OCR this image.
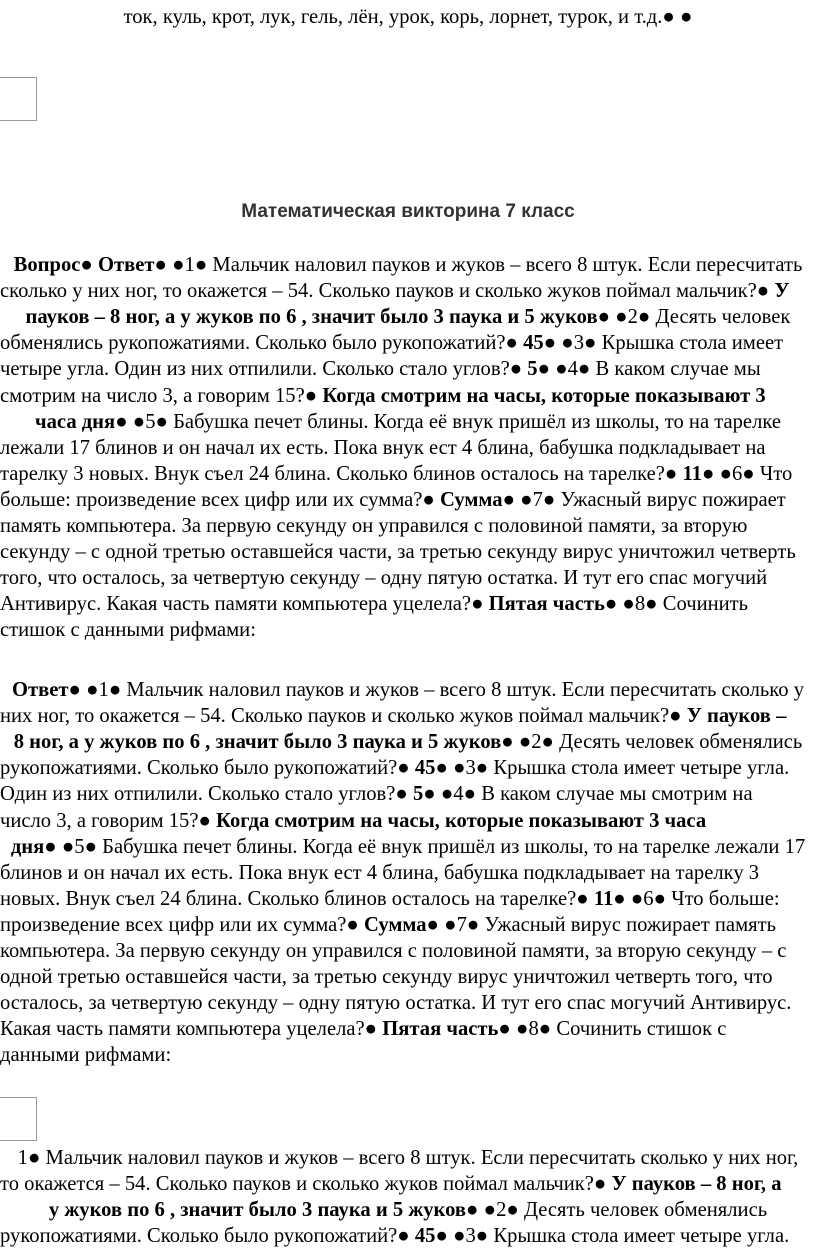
ток, куль, крот, лук, гель, лён, урок, корь, лорнет, турок, и т.д.● ●
Математическая викторина 7 класс
Вопрос● Ответ● ●1● Мальчик наловил пауков и жуков – всего 8 штук. Если пересчитать
сколько у них ног, то окажется – 54. Сколько пауков и сколько жуков поймал мальчик?● У
пауков – 8 ног, а у жуков по 6 , значит было 3 паука и 5 жуков● ●2● Десять человек
обменялись рукопожатиями. Сколько было рукопожатий?● 45● ●3● Крышка стола имеет
четыре угла. Один из них отпилили. Сколько стало углов?● 5● ●4● В каком случае мы
смотрим на число 3, а говорим 15?● Когда смотрим на часы, которые показывают 3
часа дня● ●5● Бабушка печет блины. Когда её внук пришёл из школы, то на тарелке
лежали 17 блинов и он начал их есть. Пока внук ест 4 блина, бабушка подкладывает на
тарелку 3 новых. Внук съел 24 блина. Сколько блинов осталось на тарелке?● 11● ●6● Что
больше: произведение всех цифр или их сумма?● Сумма● ●7● Ужасный вирус пожирает
память компьютера. За первую секунду он управился с половиной памяти, за вторую
секунду – с одной третью оставшейся части, за третью секунду вирус уничтожил четверть
того, что осталось, за четвертую секунду – одну пятую остатка. И тут его спас могучий
Антивирус. Какая часть памяти компьютера уцелела?● Пятая часть● ●8● Сочинить
стишок с данными рифмами:
Ответ● ●1● Мальчик наловил пауков и жуков – всего 8 штук. Если пересчитать сколько у
них ног, то окажется – 54. Сколько пауков и сколько жуков поймал мальчик?● У пауков –
8 ног, а у жуков по 6 , значит было 3 паука и 5 жуков● ●2● Десять человек обменялись
рукопожатиями. Сколько было рукопожатий?● 45● ●3● Крышка стола имеет четыре угла.
Один из них отпилили. Сколько стало углов?● 5● ●4● В каком случае мы смотрим на
число 3, а говорим 15?● Когда смотрим на часы, которые показывают 3 часа
дня● ●5● Бабушка печет блины. Когда её внук пришёл из школы, то на тарелке лежали 17
блинов и он начал их есть. Пока внук ест 4 блина, бабушка подкладывает на тарелку 3
новых. Внук съел 24 блина. Сколько блинов осталось на тарелке?● 11● ●6● Что больше:
произведение всех цифр или их сумма?● Сумма● ●7● Ужасный вирус пожирает память
компьютера. За первую секунду он управился с половиной памяти, за вторую секунду – с
одной третью оставшейся части, за третью секунду вирус уничтожил четверть того, что
осталось, за четвертую секунду – одну пятую остатка. И тут его спас могучий Антивирус.
Какая часть памяти компьютера уцелела?● Пятая часть● ●8● Сочинить стишок с
данными рифмами:
1● Мальчик наловил пауков и жуков – всего 8 штук. Если пересчитать сколько у них ног,
то окажется – 54. Сколько пауков и сколько жуков поймал мальчик?● У пауков – 8 ног, а
у жуков по 6 , значит было 3 паука и 5 жуков● ●2● Десять человек обменялись
рукопожатиями. Сколько было рукопожатий?● 45● ●3● Крышка стола имеет четыре угла.
